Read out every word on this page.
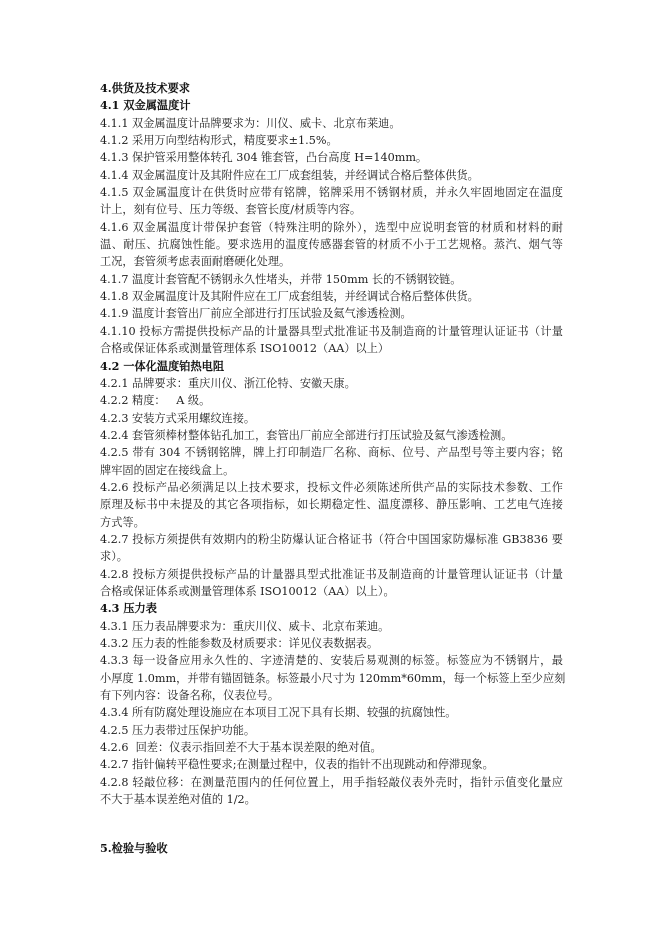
4.供货及技术要求
4.1 双金属温度计
4.1.1 双金属温度计品牌要求为：川仪、威卡、北京布莱迪。
4.1.2 采用万向型结构形式，精度要求±1.5%。
4.1.3 保护管采用整体转孔 304 锥套管，凸台高度 H=140mm。
4.1.4 双金属温度计及其附件应在工厂成套组装，并经调试合格后整体供货。
4.1.5 双金属温度计在供货时应带有铭牌，铭牌采用不锈钢材质，并永久牢固地固定在温度
计上，刻有位号、压力等级、套管长度/材质等内容。
4.1.6 双金属温度计带保护套管（特殊注明的除外），选型中应说明套管的材质和材料的耐
温、耐压、抗腐蚀性能。要求选用的温度传感器套管的材质不小于工艺规格。蒸汽、烟气等
工况，套管须考虑表面耐磨硬化处理。
4.1.7 温度计套管配不锈钢永久性堵头，并带 150mm 长的不锈钢铰链。
4.1.8 双金属温度计及其附件应在工厂成套组装，并经调试合格后整体供货。
4.1.9 温度计套管出厂前应全部进行打压试验及氦气渗透检测。
4.1.10 投标方需提供投标产品的计量器具型式批准证书及制造商的计量管理认证证书（计量
合格或保证体系或测量管理体系 ISO10012（AA）以上）
4.2 一体化温度铂热电阻
4.2.1 品牌要求：重庆川仪、浙江伦特、安徽天康。
4.2.2 精度：   A 级。
4.2.3 安装方式采用螺纹连接。
4.2.4 套管须棒材整体钻孔加工，套管出厂前应全部进行打压试验及氦气渗透检测。
4.2.5 带有 304 不锈钢铭牌，牌上打印制造厂名称、商标、位号、产品型号等主要内容；铭
牌牢固的固定在接线盒上。
4.2.6 投标产品必须满足以上技术要求，投标文件必须陈述所供产品的实际技术参数、工作
原理及标书中未提及的其它各项指标，如长期稳定性、温度漂移、静压影响、工艺电气连接
方式等。
4.2.7 投标方须提供有效期内的粉尘防爆认证合格证书（符合中国国家防爆标准 GB3836 要
求）。
4.2.8 投标方须提供投标产品的计量器具型式批准证书及制造商的计量管理认证证书（计量
合格或保证体系或测量管理体系 ISO10012（AA）以上）。
4.3 压力表
4.3.1 压力表品牌要求为：重庆川仪、威卡、北京布莱迪。
4.3.2 压力表的性能参数及材质要求：详见仪表数据表。
4.3.3 每一设备应用永久性的、字迹清楚的、安装后易观测的标签。标签应为不锈钢片，最
小厚度 1.0mm，并带有锚固链条。标签最小尺寸为 120mm*60mm，每一个标签上至少应刻
有下列内容：设备名称，仪表位号。
4.3.4 所有防腐处理设施应在本项目工况下具有长期、较强的抗腐蚀性。
4.2.5 压力表带过压保护功能。
4.2.6  回差：仪表示指回差不大于基本误差限的绝对值。
4.2.7 指针偏转平稳性要求;在测量过程中，仪表的指针不出现跳动和停滞现象。
4.2.8 轻敲位移：在测量范围内的任何位置上，用手指轻敲仪表外壳时，指针示值变化量应
不大于基本误差绝对值的 1/2。
5.检验与验收
